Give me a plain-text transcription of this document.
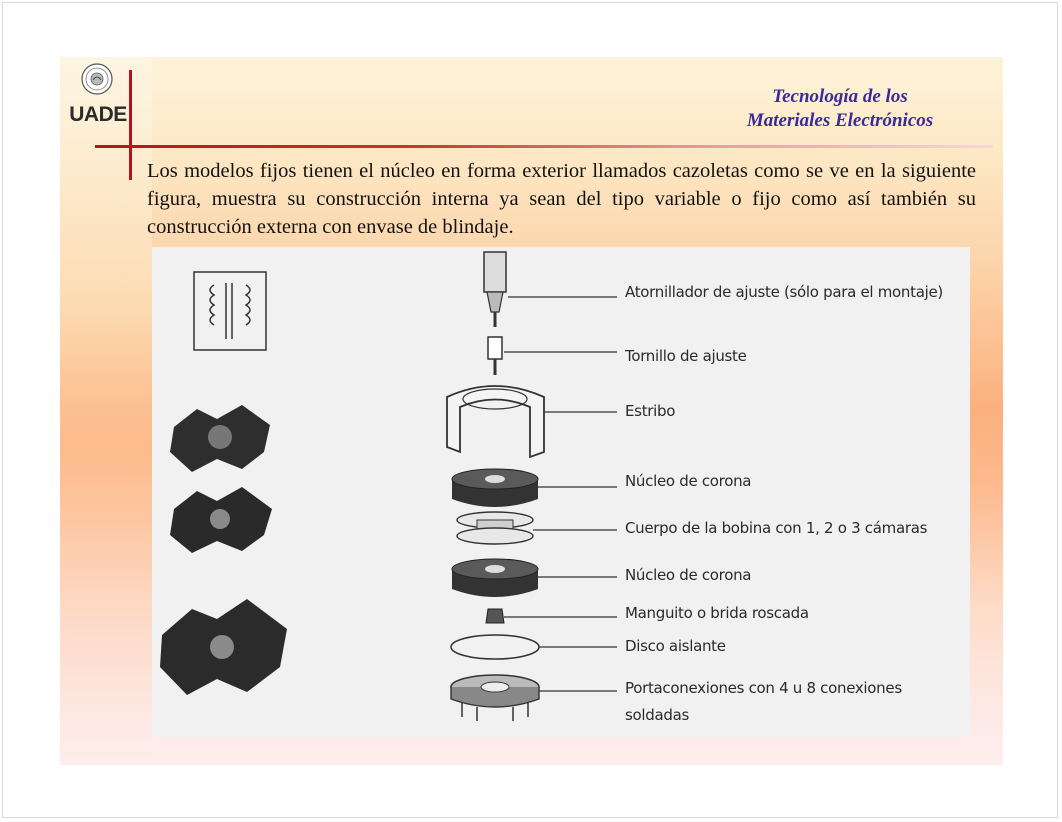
UADE
Tecnología de los
Materiales Electrónicos
Los modelos fijos tienen el núcleo en forma exterior llamados cazoletas como se ve en la siguiente figura, muestra su construcción interna ya sean del tipo variable o fijo como así también su construcción externa con envase de blindaje.
Atornillador de ajuste (sólo para el montaje)
Tornillo de ajuste
Estribo
Núcleo de corona
Cuerpo de la bobina con 1, 2 o 3 cámaras
Núcleo de corona
Manguito o brida roscada
Disco aislante
Portaconexiones con 4 u 8 conexiones
soldadas
